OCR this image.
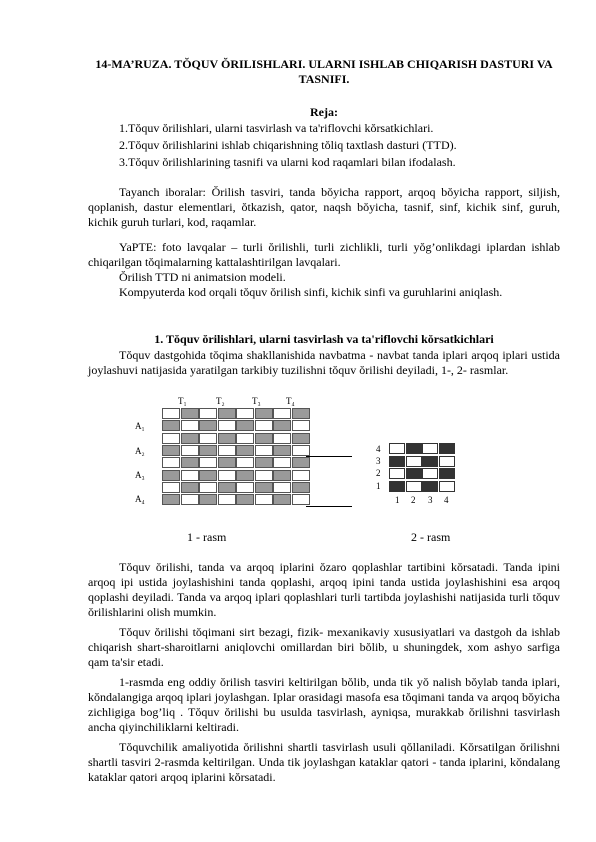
14-MA’RUZA. TŎQUV ŎRILISHLARI. ULARNI ISHLAB CHIQARISH DASTURI VA TASNIFI.
Reja:
1.Tŏquv ŏrilishlari, ularni tasvirlash va ta'riflovchi kŏrsatkichlari.
2.Tŏquv ŏrilishlarini ishlab chiqarishning tŏliq taxtlash dasturi (TTD).
3.Tŏquv ŏrilishlarining tasnifi va ularni kod raqamlari bilan ifodalash.

Tayanch iboralar: Ŏrilish tasviri, tanda bŏyicha rapport, arqoq bŏyicha rapport, siljish, qoplanish, dastur elementlari, ŏtkazish, qator, naqsh bŏyicha, tasnif, sinf, kichik sinf, guruh, kichik guruh turlari, kod, raqamlar.

YaPTE: foto lavqalar – turli ŏrilishli, turli zichlikli, turli yŏg’onlikdagi iplardan ishlab chiqarilgan tŏqimalarning kattalashtirilgan lavqalari.

Ŏrilish TTD ni animatsion modeli.

Kompyuterda kod orqali tŏquv ŏrilish sinfi, kichik sinfi va guruhlarini aniqlash.

1. Tŏquv ŏrilishlari, ularni tasvirlash va ta'riflovchi kŏrsatkichlari

Tŏquv dastgohida tŏqima shakllanishida navbatma - navbat tanda iplari arqoq iplari ustida joylashuvi natijasida yaratilgan tarkibiy tuzilishni tŏquv ŏrilishi deyiladi, 1-, 2- rasmlar.

T₁	T₂	T₃	T₄
A₁
A₂
A₃
A₄
1 - rasm
4
3
2
1
1 2 3 4
2 - rasm

Tŏquv ŏrilishi, tanda va arqoq iplarini ŏzaro qoplashlar tartibini kŏrsatadi. Tanda ipini arqoq ipi ustida joylashishini tanda qoplashi, arqoq ipini tanda ustida joylashishini esa arqoq qoplashi deyiladi. Tanda va arqoq iplari qoplashlari turli tartibda joylashishi natijasida turli tŏquv ŏrilishlarini olish mumkin.

Tŏquv ŏrilishi tŏqimani sirt bezagi, fizik- mexanikaviy xususiyatlari va dastgoh da ishlab chiqarish shart-sharoitlarni aniqlovchi omillardan biri bŏlib, u shuningdek, xom ashyo sarfiga qam ta'sir etadi.

1-rasmda eng oddiy ŏrilish tasviri keltirilgan bŏlib, unda tik yŏ nalish bŏylab tanda iplari, kŏndalangiga arqoq iplari joylashgan. Iplar orasidagi masofa esa tŏqimani tanda va arqoq bŏyicha zichligiga bog’liq . Tŏquv ŏrilishi bu usulda tasvirlash, ayniqsa, murakkab ŏrilishni tasvirlash ancha qiyinchiliklarni keltiradi.

Tŏquvchilik amaliyotida ŏrilishni shartli tasvirlash usuli qŏllaniladi. Kŏrsatilgan ŏrilishni shartli tasviri 2-rasmda keltirilgan. Unda tik joylashgan kataklar qatori - tanda iplarini, kŏndalang kataklar qatori arqoq iplarini kŏrsatadi.
